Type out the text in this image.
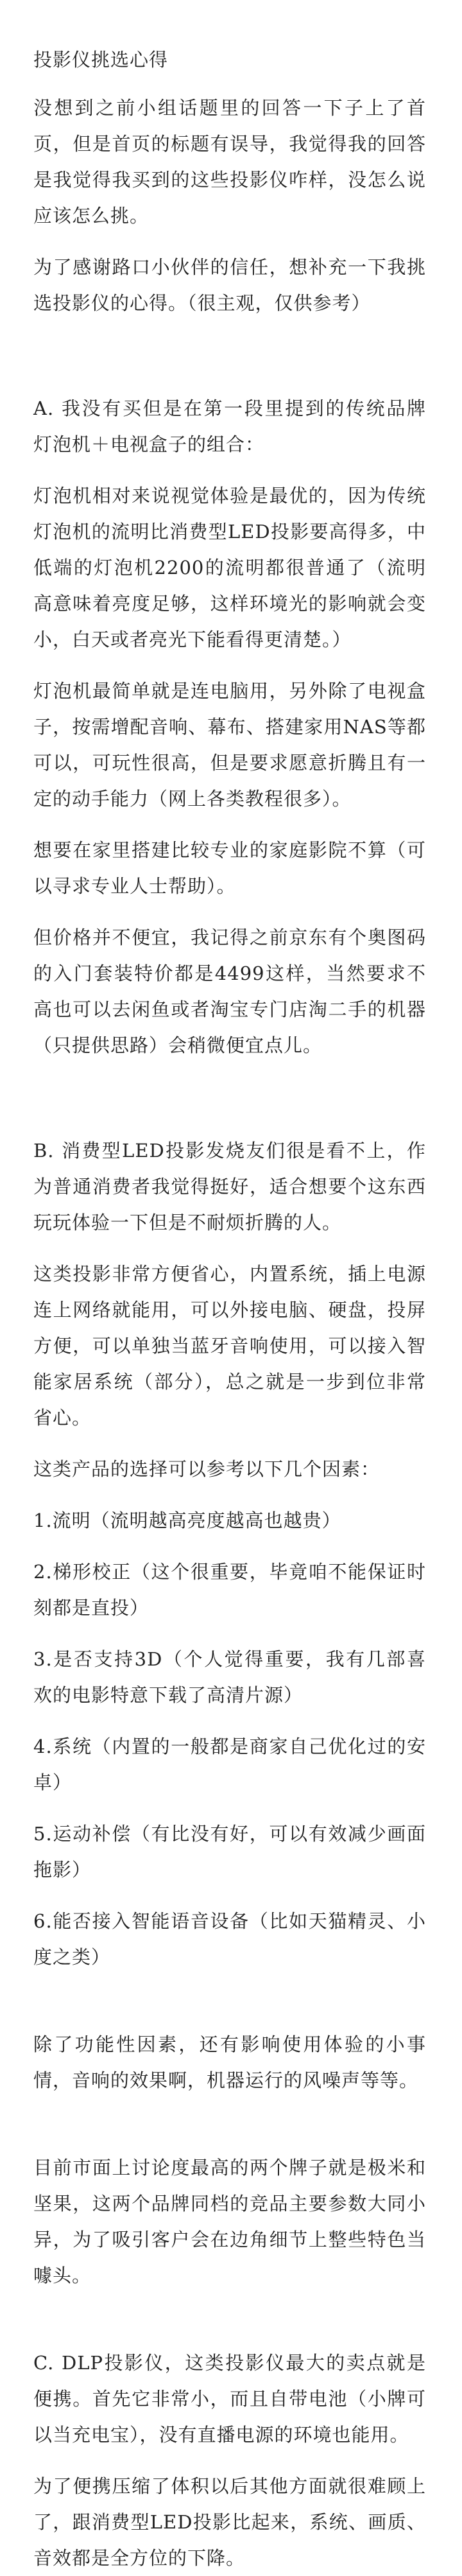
投影仪挑选心得

没想到之前小组话题里的回答一下子上了首页，但是首页的标题有误导，我觉得我的回答是我觉得我买到的这些投影仪咋样，没怎么说应该怎么挑。

为了感谢路口小伙伴的信任，想补充一下我挑选投影仪的心得。（很主观，仅供参考）

A. 我没有买但是在第一段里提到的传统品牌灯泡机＋电视盒子的组合：

灯泡机相对来说视觉体验是最优的，因为传统灯泡机的流明比消费型LED投影要高得多，中低端的灯泡机2200的流明都很普通了（流明高意味着亮度足够，这样环境光的影响就会变小，白天或者亮光下能看得更清楚。）

灯泡机最简单就是连电脑用，另外除了电视盒子，按需增配音响、幕布、搭建家用NAS等都可以，可玩性很高，但是要求愿意折腾且有一定的动手能力（网上各类教程很多）。

想要在家里搭建比较专业的家庭影院不算（可以寻求专业人士帮助）。

但价格并不便宜，我记得之前京东有个奥图码的入门套装特价都是4499这样，当然要求不高也可以去闲鱼或者淘宝专门店淘二手的机器（只提供思路）会稍微便宜点儿。

B. 消费型LED投影发烧友们很是看不上，作为普通消费者我觉得挺好，适合想要个这东西玩玩体验一下但是不耐烦折腾的人。

这类投影非常方便省心，内置系统，插上电源连上网络就能用，可以外接电脑、硬盘，投屏方便，可以单独当蓝牙音响使用，可以接入智能家居系统（部分），总之就是一步到位非常省心。

这类产品的选择可以参考以下几个因素：

1.流明（流明越高亮度越高也越贵）

2.梯形校正（这个很重要，毕竟咱不能保证时刻都是直投）

3.是否支持3D（个人觉得重要，我有几部喜欢的电影特意下载了高清片源）

4.系统（内置的一般都是商家自己优化过的安卓）

5.运动补偿（有比没有好，可以有效减少画面拖影）

6.能否接入智能语音设备（比如天猫精灵、小度之类）

除了功能性因素，还有影响使用体验的小事情，音响的效果啊，机器运行的风噪声等等。

目前市面上讨论度最高的两个牌子就是极米和坚果，这两个品牌同档的竞品主要参数大同小异，为了吸引客户会在边角细节上整些特色当噱头。

C. DLP投影仪，这类投影仪最大的卖点就是便携。首先它非常小，而且自带电池（小牌可以当充电宝），没有直播电源的环境也能用。

为了便携压缩了体积以后其他方面就很难顾上了，跟消费型LED投影比起来，系统、画质、音效都是全方位的下降。
